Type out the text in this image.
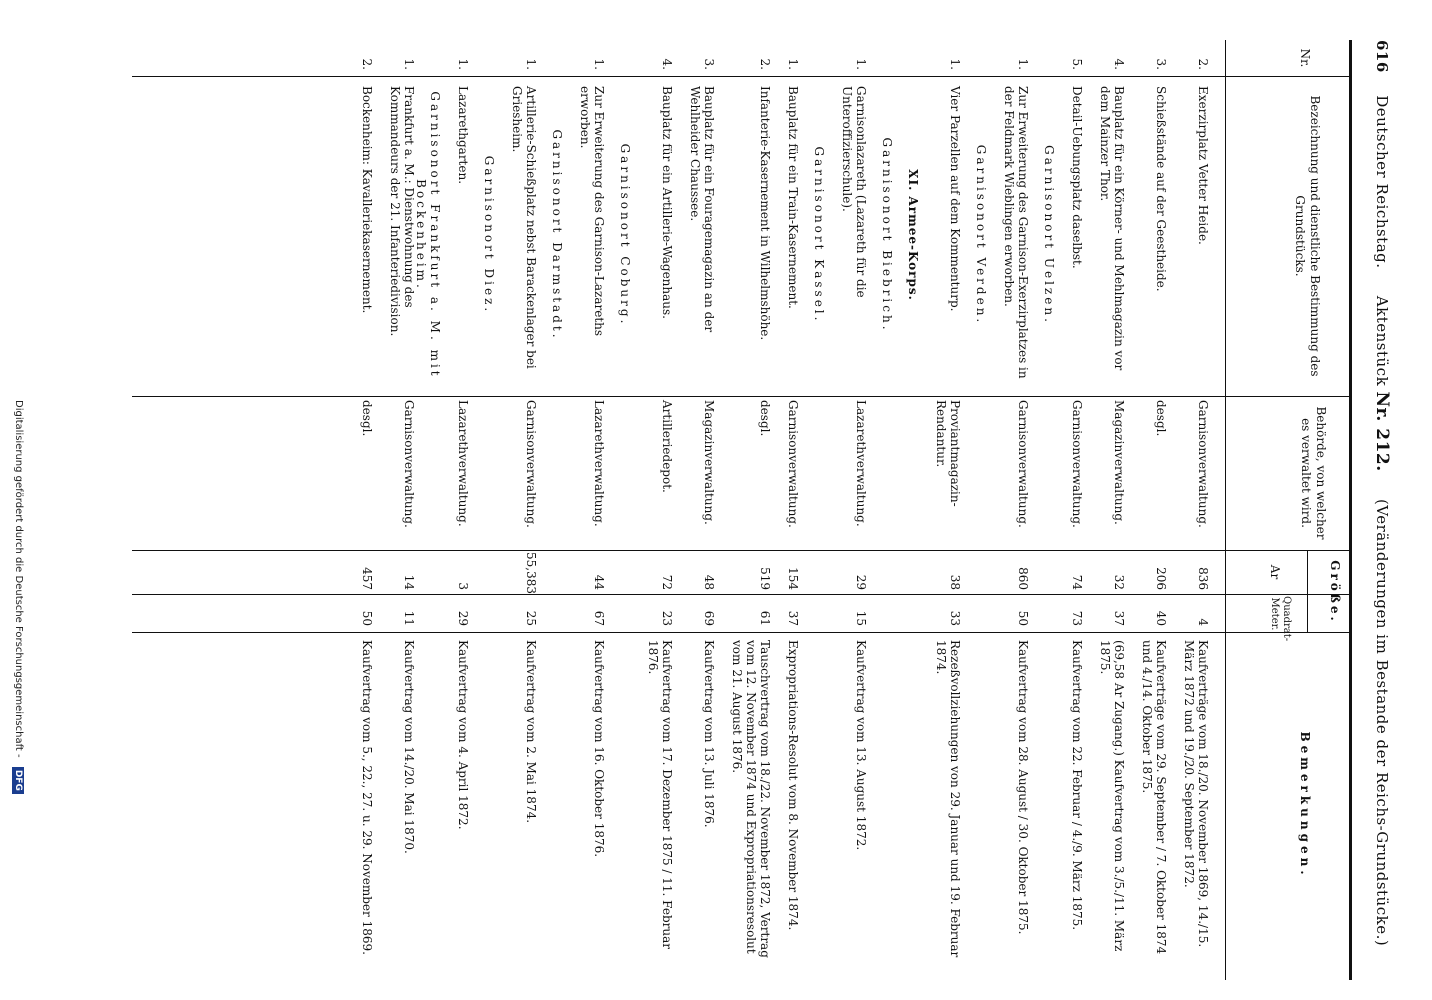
616 Deutscher Reichstag. Aktenstück Nr. 212. (Veränderungen im Bestande der Reichs-Grundstücke.)
Nr.
Bezeichnung und dienstliche Bestimmung des Grundstücks.
Behörde, von welcher es verwaltet wird.
Größe.
Ar
Quadrat-Meter.
Bemerkungen.
2.
Exerzirplatz Vetter Heide.
Garnisonverwaltung.
836
4
Kaufverträge vom 18./20. November 1869, 14./15. März 1872 und 19./20. September 1872.
3.
Schießstände auf der Geestheide.
desgl.
206
40
Kaufverträge vom 29. September / 7. Oktober 1874 und 4./14. Oktober 1875.
4.
Bauplatz für ein Körner- und Mehlmagazin vor dem Mainzer Thor.
Magazinverwaltung.
32
37
(69,58 Ar Zugang.) Kaufvertrag vom 3./5./11. März 1875.
5.
Detail-Uebungsplatz daselbst.
Garnisonverwaltung.
74
73
Kaufvertrag vom 22. Februar / 4./9. März 1875.
Garnisonort Uelzen.
1.
Zur Erweiterung des Garnison-Exerzirplatzes in der Feldmark Wieblingen erworben.
Garnisonverwaltung.
860
50
Kaufvertrag vom 28. August / 30. Oktober 1875.
Garnisonort Verden.
1.
Vier Parzellen auf dem Kommenturp.
Proviantmagazin-Rendantur.
38
33
Rezeßvollziehungen von 29. Januar und 19. Februar 1874.
XI. Armee-Korps.
Garnisonort Biebrich.
1.
Garnisonlazareth (Lazareth für die Unteroffizierschule).
Lazarethverwaltung.
29
15
Kaufvertrag vom 13. August 1872.
Garnisonort Kassel.
1.
Bauplatz für ein Train-Kasernement.
Garnisonverwaltung.
154
37
Expropriations-Resolut vom 8. November 1874.
2.
Infanterie-Kasernement in Wilhelmshöhe.
desgl.
519
61
Tauschvertrag vom 18./22. November 1872, Vertrag vom 12. November 1874 und Expropriationsresolut vom 21. August 1876.
3.
Bauplatz für ein Fouragemagazin an der Wehlheider Chaussee.
Magazinverwaltung.
48
69
Kaufvertrag vom 13. Juli 1876.
4.
Bauplatz für ein Artillerie-Wagenhaus.
Artilleriedepot.
72
23
Kaufvertrag vom 17. Dezember 1875 / 11. Februar 1876.
Garnisonort Coburg.
1.
Zur Erweiterung des Garnison-Lazareths erworben.
Lazarethverwaltung.
44
67
Kaufvertrag vom 16. Oktober 1876.
Garnisonort Darmstadt.
1.
Artillerie-Schießplatz nebst Barackenlager bei Griesheim.
Garnisonverwaltung.
55,383
25
Kaufvertrag vom 2. Mai 1874.
Garnisonort Diez.
1.
Lazarethgarten.
Lazarethverwaltung.
3
29
Kaufvertrag vom 4. April 1872.
Garnisonort Frankfurt a. M. mit Bockenheim.
1.
Frankfurt a. M.: Dienstwohnung des Kommandeurs der 21. Infanteriedivision.
Garnisonverwaltung.
14
11
Kaufvertrag vom 14./20. Mai 1870.
2.
Bockenheim: Kavalleriekasernement.
desgl.
457
50
Kaufvertrag vom 5., 22., 27. u. 29. November 1869.
Digitalisierung gefördert durch die Deutsche Forschungsgemeinschaft - DFG
